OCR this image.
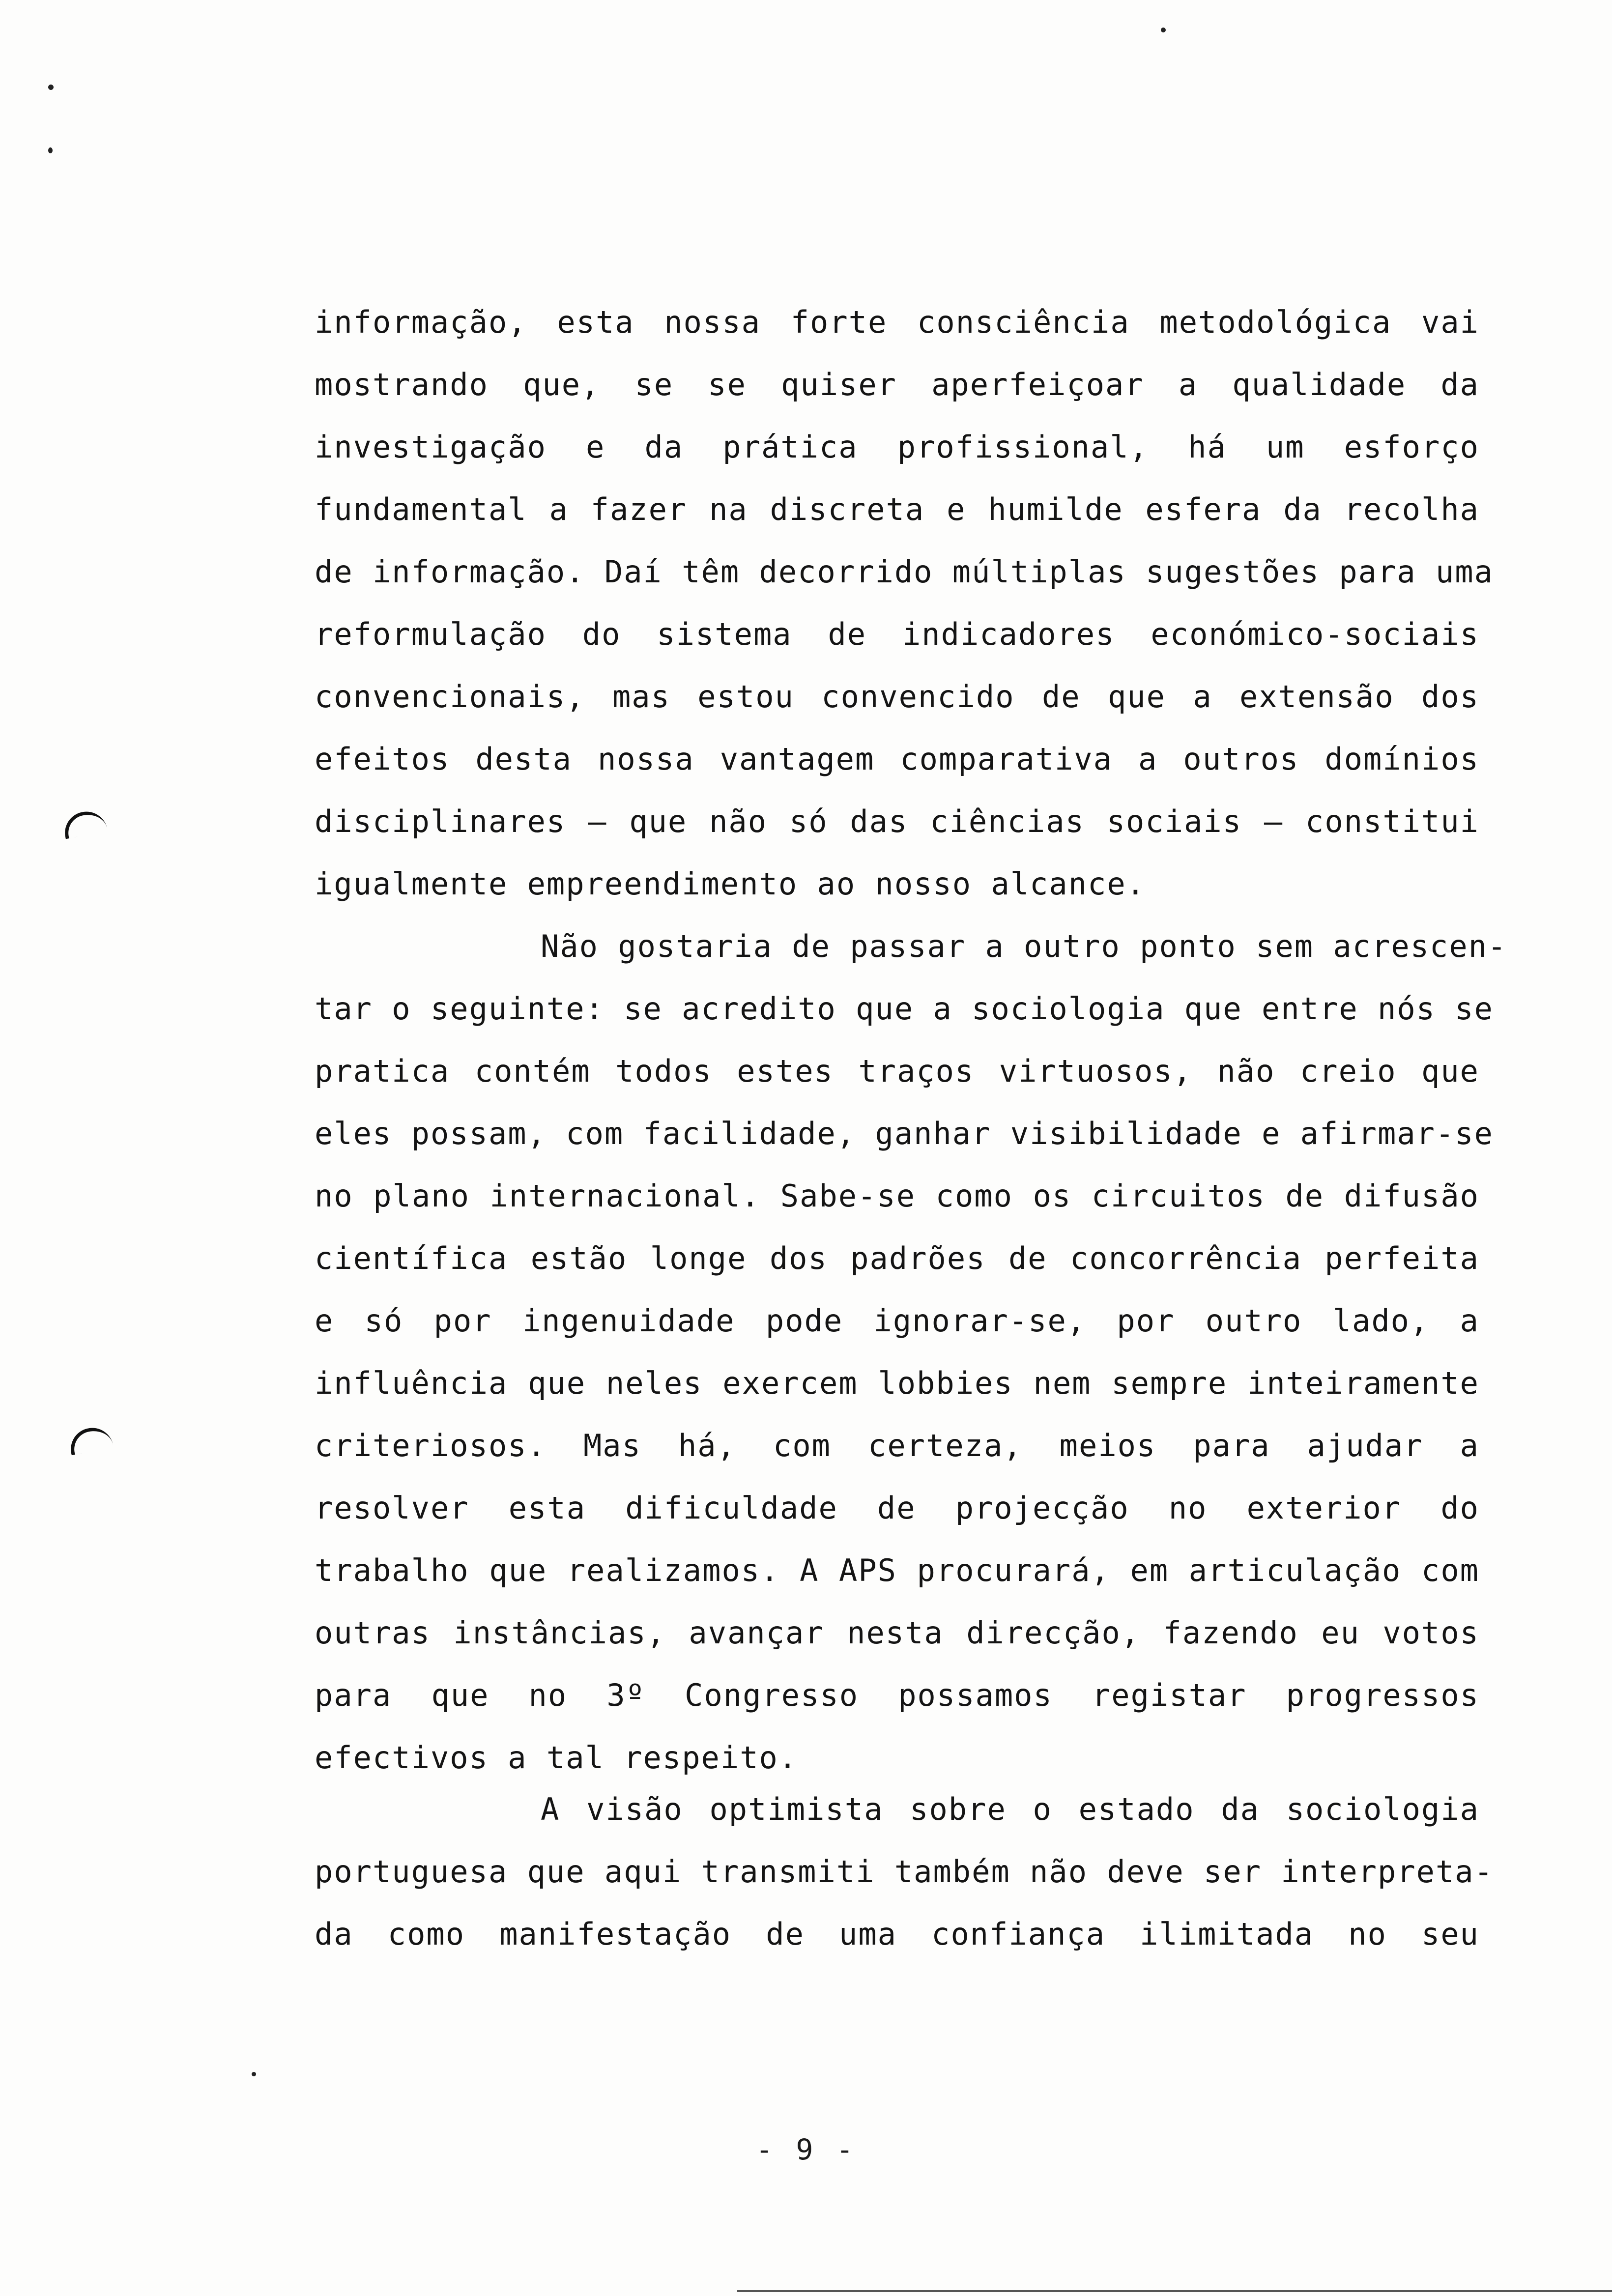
informação, esta nossa forte consciência metodológica vai
mostrando que, se se quiser aperfeiçoar a qualidade da
investigação e da prática profissional, há um esforço
fundamental a fazer na discreta e humilde esfera da recolha
de informação. Daí têm decorrido múltiplas sugestões para uma
reformulação do sistema de indicadores económico-sociais
convencionais, mas estou convencido de que a extensão dos
efeitos desta nossa vantagem comparativa a outros domínios
disciplinares — que não só das ciências sociais — constitui
igualmente empreendimento ao nosso alcance.
Não gostaria de passar a outro ponto sem acrescen-
tar o seguinte: se acredito que a sociologia que entre nós se
pratica contém todos estes traços virtuosos, não creio que
eles possam, com facilidade, ganhar visibilidade e afirmar-se
no plano internacional. Sabe-se como os circuitos de difusão
científica estão longe dos padrões de concorrência perfeita
e só por ingenuidade pode ignorar-se, por outro lado, a
influência que neles exercem lobbies nem sempre inteiramente
criteriosos. Mas há, com certeza, meios para ajudar a
resolver esta dificuldade de projecção no exterior do
trabalho que realizamos. A APS procurará, em articulação com
outras instâncias, avançar nesta direcção, fazendo eu votos
para que no 3º Congresso possamos registar progressos
efectivos a tal respeito.
A visão optimista sobre o estado da sociologia
portuguesa que aqui transmiti também não deve ser interpreta-
da como manifestação de uma confiança ilimitada no seu
- 9 -
